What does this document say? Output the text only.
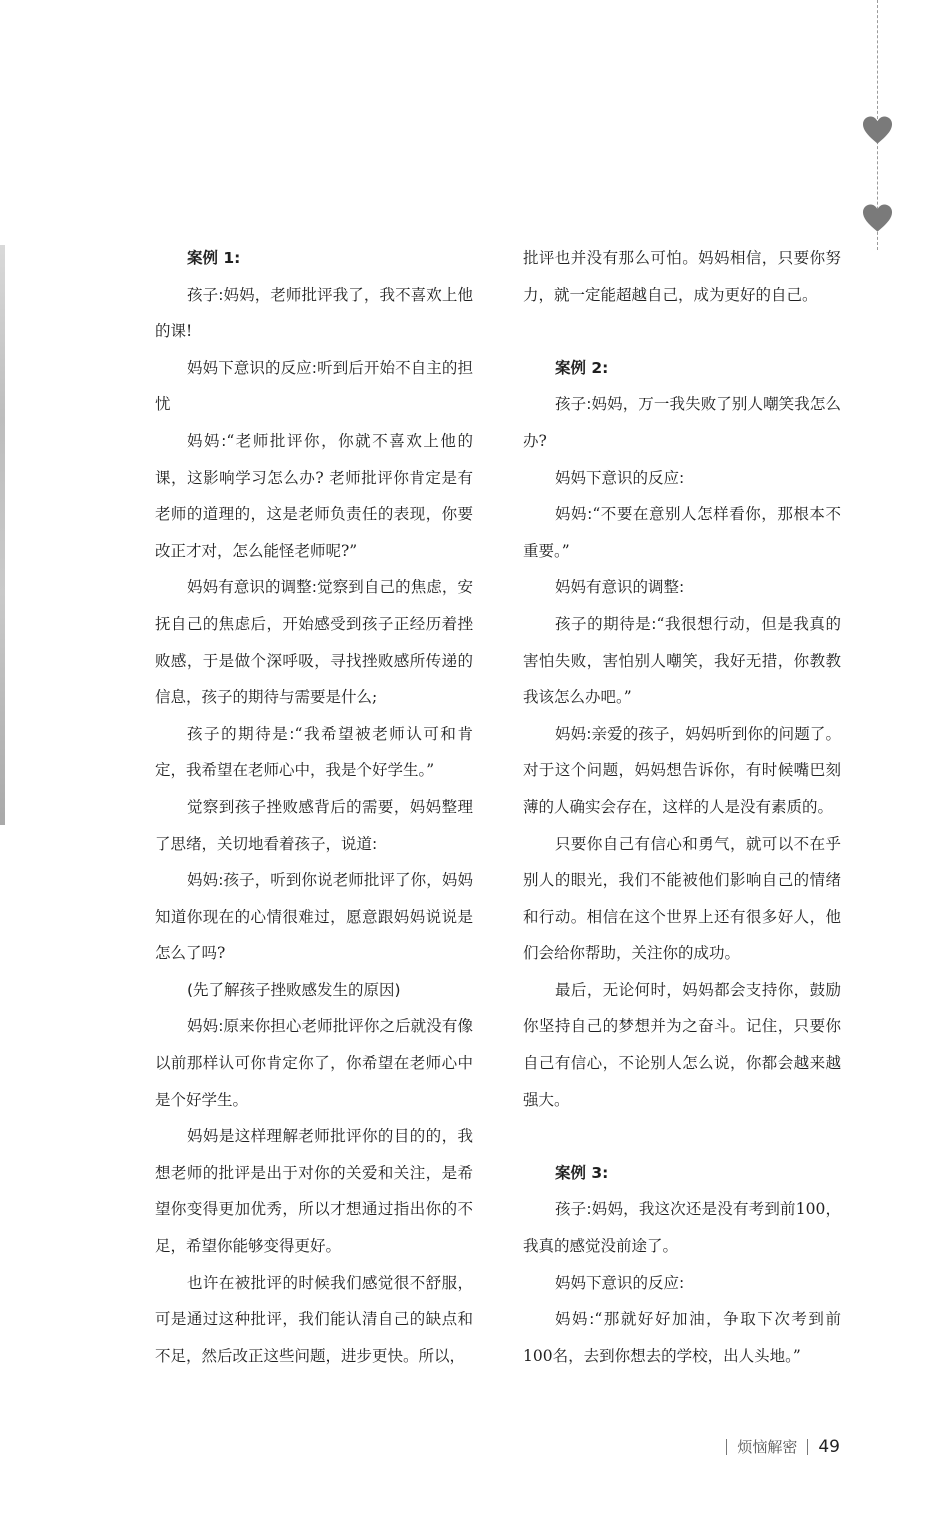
案例 1:

孩子:妈妈，老师批评我了，我不喜欢上他的课!

妈妈下意识的反应:听到后开始不自主的担忧

妈妈:“老师批评你，你就不喜欢上他的课，这影响学习怎么办? 老师批评你肯定是有老师的道理的，这是老师负责任的表现，你要改正才对，怎么能怪老师呢?”

妈妈有意识的调整:觉察到自己的焦虑，安抚自己的焦虑后，开始感受到孩子正经历着挫败感，于是做个深呼吸，寻找挫败感所传递的信息，孩子的期待与需要是什么;

孩子的期待是:“我希望被老师认可和肯定，我希望在老师心中，我是个好学生。”

觉察到孩子挫败感背后的需要，妈妈整理了思绪，关切地看着孩子，说道:

妈妈:孩子，听到你说老师批评了你，妈妈知道你现在的心情很难过，愿意跟妈妈说说是怎么了吗?

(先了解孩子挫败感发生的原因)

妈妈:原来你担心老师批评你之后就没有像以前那样认可你肯定你了，你希望在老师心中是个好学生。

妈妈是这样理解老师批评你的目的的，我想老师的批评是出于对你的关爱和关注，是希望你变得更加优秀，所以才想通过指出你的不足，希望你能够变得更好。

也许在被批评的时候我们感觉很不舒服，可是通过这种批评，我们能认清自己的缺点和不足，然后改正这些问题，进步更快。所以，

批评也并没有那么可怕。妈妈相信，只要你努力，就一定能超越自己，成为更好的自己。

案例 2:

孩子:妈妈，万一我失败了别人嘲笑我怎么办?

妈妈下意识的反应:

妈妈:“不要在意别人怎样看你，那根本不重要。”

妈妈有意识的调整:

孩子的期待是:“我很想行动，但是我真的害怕失败，害怕别人嘲笑，我好无措，你教教我该怎么办吧。”

妈妈:亲爱的孩子，妈妈听到你的问题了。对于这个问题，妈妈想告诉你，有时候嘴巴刻薄的人确实会存在，这样的人是没有素质的。

只要你自己有信心和勇气，就可以不在乎别人的眼光，我们不能被他们影响自己的情绪和行动。相信在这个世界上还有很多好人，他们会给你帮助，关注你的成功。

最后，无论何时，妈妈都会支持你，鼓励你坚持自己的梦想并为之奋斗。记住，只要你自己有信心，不论别人怎么说，你都会越来越强大。

案例 3:

孩子:妈妈，我这次还是没有考到前100，我真的感觉没前途了。

妈妈下意识的反应:

妈妈:“那就好好加油，争取下次考到前100名，去到你想去的学校，出人头地。”

烦恼解密 49
